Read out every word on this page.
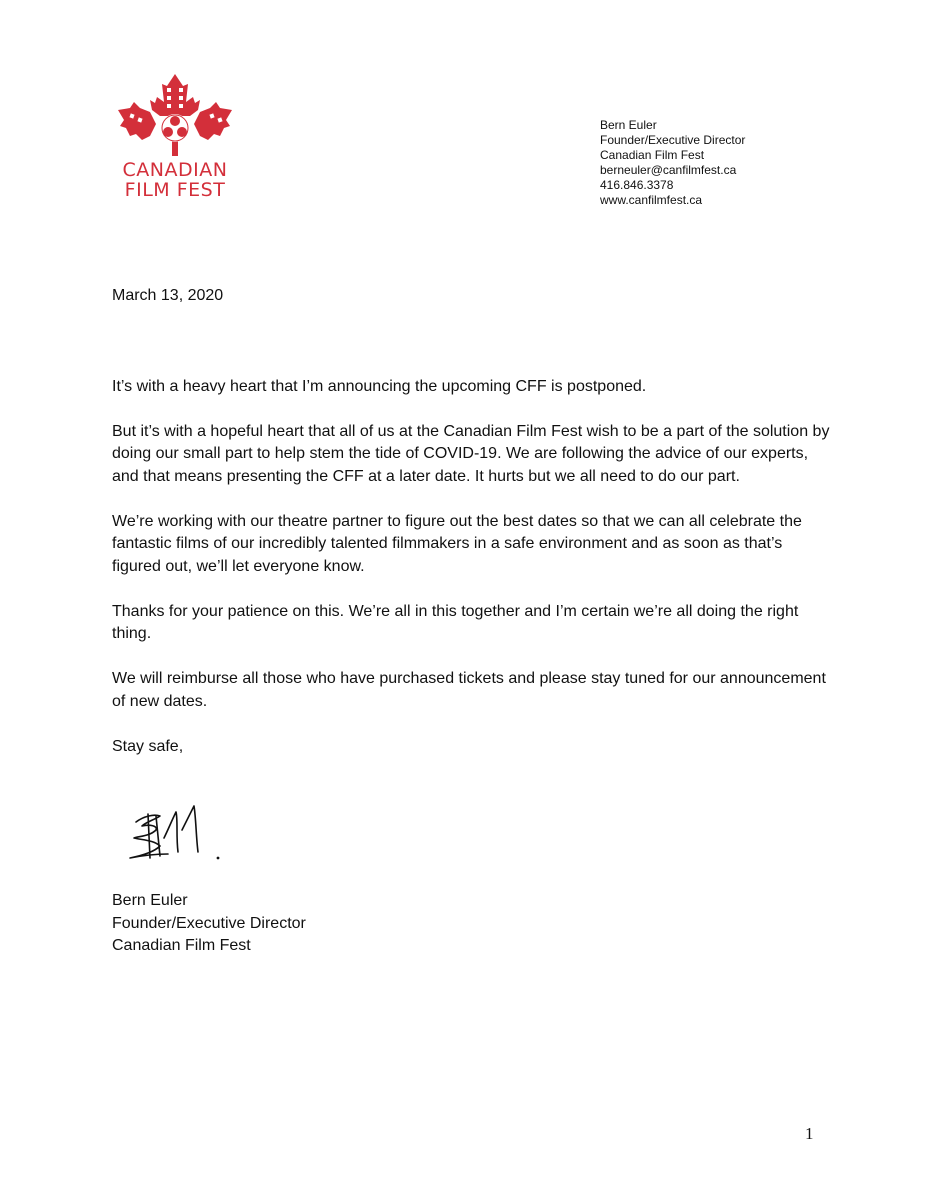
CANADIAN
FILM FEST
Bern Euler
Founder/Executive Director
Canadian Film Fest
berneuler@canfilmfest.ca
416.846.3378
www.canfilmfest.ca

March 13, 2020

It’s with a heavy heart that I’m announcing the upcoming CFF is postponed.

But it’s with a hopeful heart that all of us at the Canadian Film Fest wish to be a part of the solution by doing our small part to help stem the tide of COVID-19. We are following the advice of our experts, and that means presenting the CFF at a later date. It hurts but we all need to do our part.

We’re working with our theatre partner to figure out the best dates so that we can all celebrate the fantastic films of our incredibly talented filmmakers in a safe environment and as soon as that’s figured out, we’ll let everyone know.

Thanks for your patience on this. We’re all in this together and I’m certain we’re all doing the right thing.

We will reimburse all those who have purchased tickets and please stay tuned for our announcement of new dates.

Stay safe,

Bern Euler
Founder/Executive Director
Canadian Film Fest
1
